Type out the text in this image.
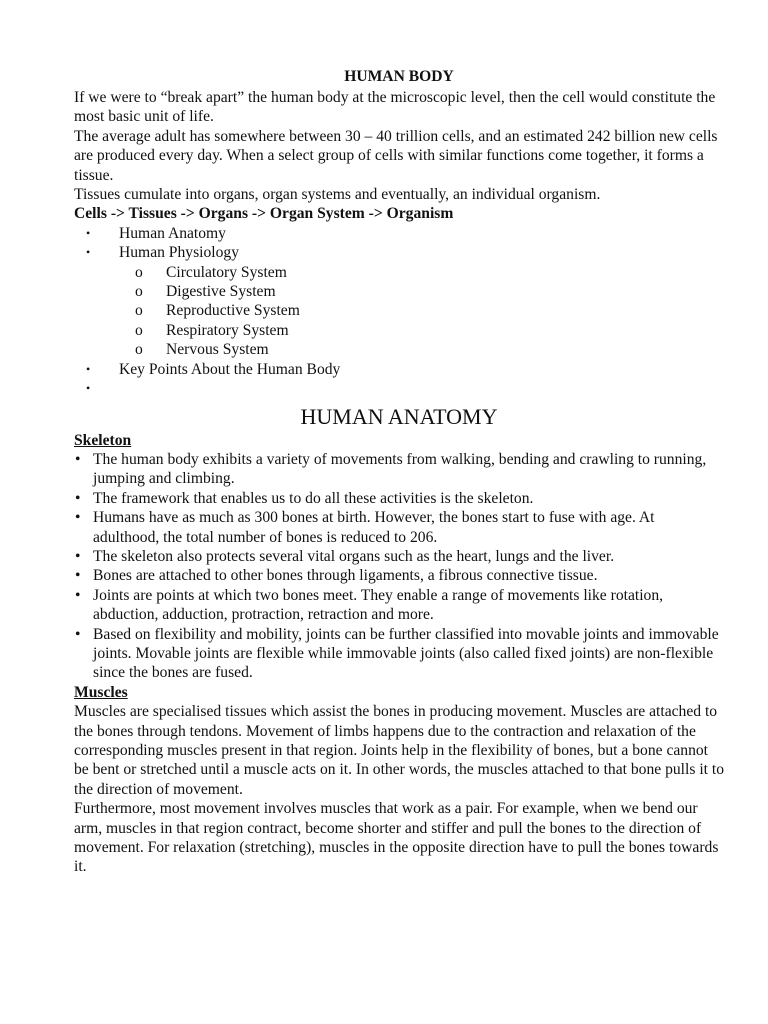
HUMAN BODY

If we were to “break apart” the human body at the microscopic level, then the cell would constitute the most basic unit of life.

The average adult has somewhere between 30 – 40 trillion cells, and an estimated 242 billion new cells are produced every day. When a select group of cells with similar functions come together, it forms a tissue.

Tissues cumulate into organs, organ systems and eventually, an individual organism.

Cells -> Tissues -> Organs -> Organ System -> Organism

• Human Anatomy
• Human Physiology
o Circulatory System
o Digestive System
o Reproductive System
o Respiratory System
o Nervous System
• Key Points About the Human Body
•

HUMAN ANATOMY

Skeleton

• The human body exhibits a variety of movements from walking, bending and crawling to running, jumping and climbing.
• The framework that enables us to do all these activities is the skeleton.
• Humans have as much as 300 bones at birth. However, the bones start to fuse with age. At adulthood, the total number of bones is reduced to 206.
• The skeleton also protects several vital organs such as the heart, lungs and the liver.
• Bones are attached to other bones through ligaments, a fibrous connective tissue.
• Joints are points at which two bones meet. They enable a range of movements like rotation, abduction, adduction, protraction, retraction and more.
• Based on flexibility and mobility, joints can be further classified into movable joints and immovable joints. Movable joints are flexible while immovable joints (also called fixed joints) are non-flexible since the bones are fused.

Muscles

Muscles are specialised tissues which assist the bones in producing movement. Muscles are attached to the bones through tendons. Movement of limbs happens due to the contraction and relaxation of the corresponding muscles present in that region. Joints help in the flexibility of bones, but a bone cannot be bent or stretched until a muscle acts on it. In other words, the muscles attached to that bone pulls it to the direction of movement.

Furthermore, most movement involves muscles that work as a pair. For example, when we bend our arm, muscles in that region contract, become shorter and stiffer and pull the bones to the direction of movement. For relaxation (stretching), muscles in the opposite direction have to pull the bones towards it.
